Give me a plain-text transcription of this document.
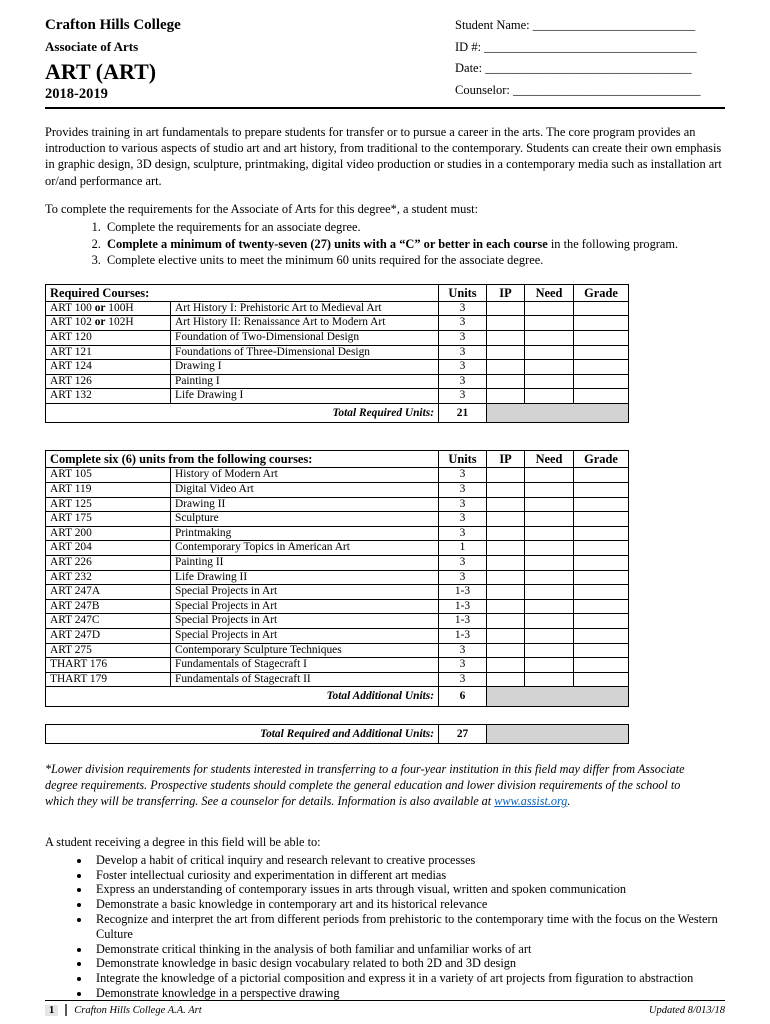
Crafton Hills College
Associate of Arts
ART (ART)
2018-2019
Student Name: __________________________
ID #: __________________________________
Date: _________________________________
Counselor: ______________________________

Provides training in art fundamentals to prepare students for transfer or to pursue a career in the arts. The core program provides an introduction to various aspects of studio art and art history, from traditional to the contemporary. Students can create their own emphasis in graphic design, 3D design, sculpture, printmaking, digital video production or studies in a contemporary media such as installation art or/and performance art.

To complete the requirements for the Associate of Arts for this degree*, a student must:
1. Complete the requirements for an associate degree.
2. Complete a minimum of twenty-seven (27) units with a “C” or better in each course in the following program.
3. Complete elective units to meet the minimum 60 units required for the associate degree.
Required Courses:		Units	IP	Need	Grade
ART 100 or 100H	Art History I: Prehistoric Art to Medieval Art	3			
ART 102 or 102H	Art History II: Renaissance Art to Modern Art	3			
ART 120	Foundation of Two-Dimensional Design	3			
ART 121	Foundations of Three-Dimensional Design	3			
ART 124	Drawing I	3			
ART 126	Painting I	3			
ART 132	Life Drawing I	3			
Total Required Units:		21			
Complete six (6) units from the following courses:		Units	IP	Need	Grade
ART 105	History of Modern Art	3			
ART 119	Digital Video Art	3			
ART 125	Drawing II	3			
ART 175	Sculpture	3			
ART 200	Printmaking	3			
ART 204	Contemporary Topics in American Art	1			
ART 226	Painting II	3			
ART 232	Life Drawing II	3			
ART 247A	Special Projects in Art	1-3			
ART 247B	Special Projects in Art	1-3			
ART 247C	Special Projects in Art	1-3			
ART 247D	Special Projects in Art	1-3			
ART 275	Contemporary Sculpture Techniques	3			
THART 176	Fundamentals of Stagecraft I	3			
THART 179	Fundamentals of Stagecraft II	3			
Total Additional Units:		6			
Total Required and Additional Units:	27	

*Lower division requirements for students interested in transferring to a four-year institution in this field may differ from Associate degree requirements. Prospective students should complete the general education and lower division requirements of the school to which they will be transferring. See a counselor for details. Information is also available at www.assist.org.

A student receiving a degree in this field will be able to:
• Develop a habit of critical inquiry and research relevant to creative processes
• Foster intellectual curiosity and experimentation in different art medias
• Express an understanding of contemporary issues in arts through visual, written and spoken communication
• Demonstrate a basic knowledge in contemporary art and its historical relevance
• Recognize and interpret the art from different periods from prehistoric to the contemporary time with the focus on the Western Culture
• Demonstrate critical thinking in the analysis of both familiar and unfamiliar works of art
• Demonstrate knowledge in basic design vocabulary related to both 2D and 3D design
• Integrate the knowledge of a pictorial composition and express it in a variety of art projects from figuration to abstraction
• Demonstrate knowledge in a perspective drawing
1	Crafton Hills College A.A. Art	Updated 8/013/18
